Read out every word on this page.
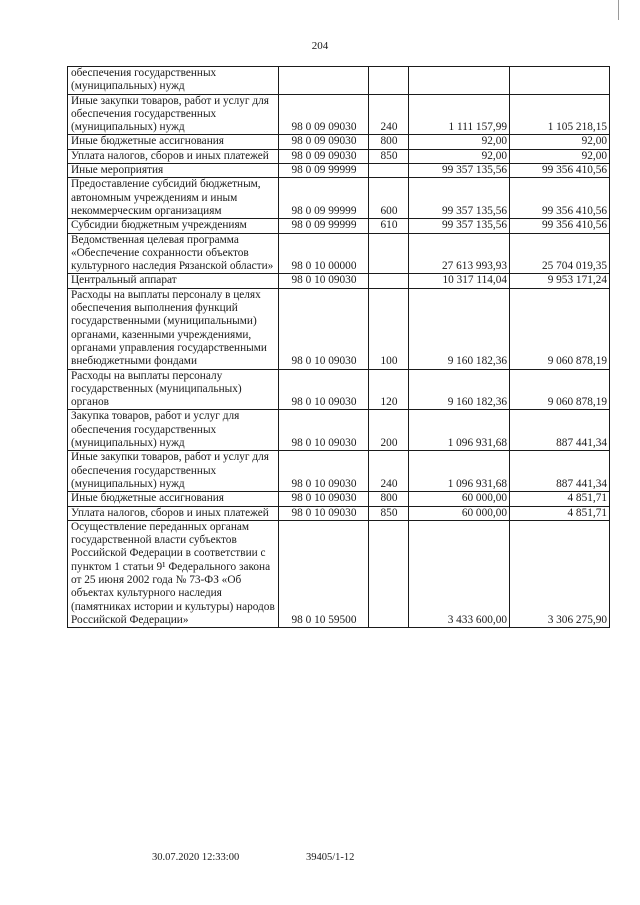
204
обеспечения государственных (муниципальных) нужд				
Иные закупки товаров, работ и услуг для обеспечения государственных (муниципальных) нужд	98 0 09 09030	240	1 111 157,99	1 105 218,15
Иные бюджетные ассигнования	98 0 09 09030	800	92,00	92,00
Уплата налогов, сборов и иных платежей	98 0 09 09030	850	92,00	92,00
Иные мероприятия	98 0 09 99999		99 357 135,56	99 356 410,56
Предоставление субсидий бюджетным, автономным учреждениям и иным некоммерческим организациям	98 0 09 99999	600	99 357 135,56	99 356 410,56
Субсидии бюджетным учреждениям	98 0 09 99999	610	99 357 135,56	99 356 410,56
Ведомственная целевая программа «Обеспечение сохранности объектов культурного наследия Рязанской области»	98 0 10 00000		27 613 993,93	25 704 019,35
Центральный аппарат	98 0 10 09030		10 317 114,04	9 953 171,24
Расходы на выплаты персоналу в целях обеспечения выполнения функций государственными (муниципальными) органами, казенными учреждениями, органами управления государственными внебюджетными фондами	98 0 10 09030	100	9 160 182,36	9 060 878,19
Расходы на выплаты персоналу государственных (муниципальных) органов	98 0 10 09030	120	9 160 182,36	9 060 878,19
Закупка товаров, работ и услуг для обеспечения государственных (муниципальных) нужд	98 0 10 09030	200	1 096 931,68	887 441,34
Иные закупки товаров, работ и услуг для обеспечения государственных (муниципальных) нужд	98 0 10 09030	240	1 096 931,68	887 441,34
Иные бюджетные ассигнования	98 0 10 09030	800	60 000,00	4 851,71
Уплата налогов, сборов и иных платежей	98 0 10 09030	850	60 000,00	4 851,71
Осуществление переданных органам государственной власти субъектов Российской Федерации в соответствии с пунктом 1 статьи 9¹ Федерального закона от 25 июня 2002 года № 73-ФЗ «Об объектах культурного наследия (памятниках истории и культуры) народов Российской Федерации»	98 0 10 59500		3 433 600,00	3 306 275,90
30.07.2020 12:33:00	39405/1-12
